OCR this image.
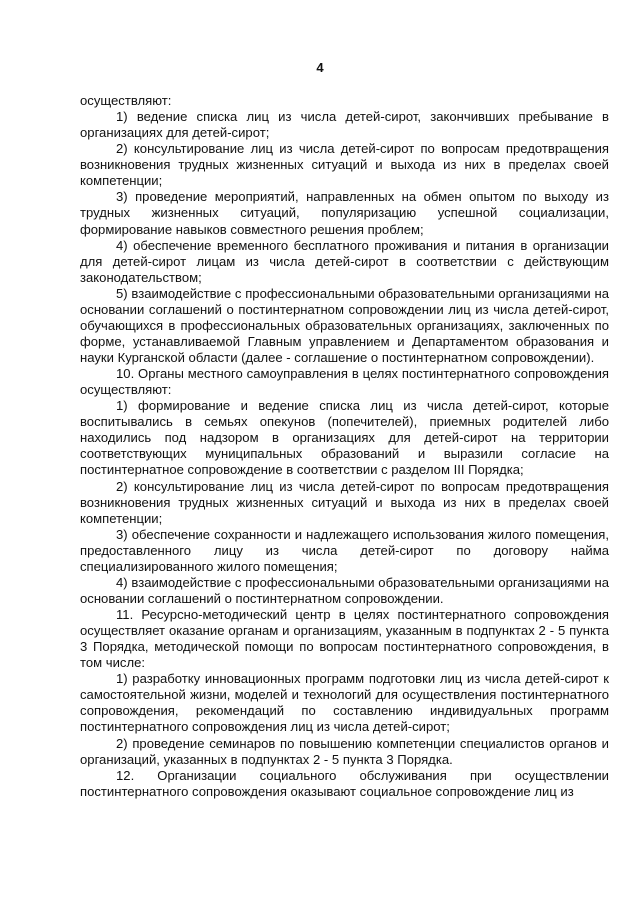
4

осуществляют:

1) ведение списка лиц из числа детей-сирот, закончивших пребывание в организациях для детей-сирот;

2) консультирование лиц из числа детей-сирот по вопросам предотвращения возникновения трудных жизненных ситуаций и выхода из них в пределах своей компетенции;

3) проведение мероприятий, направленных на обмен опытом по выходу из трудных жизненных ситуаций, популяризацию успешной социализации, формирование навыков совместного решения проблем;

4) обеспечение временного бесплатного проживания и питания в организации для детей-сирот лицам из числа детей-сирот в соответствии с действующим законодательством;

5) взаимодействие с профессиональными образовательными организациями на основании соглашений о постинтернатном сопровождении лиц из числа детей-сирот, обучающихся в профессиональных образовательных организациях, заключенных по форме, устанавливаемой Главным управлением и Департаментом образования и науки Курганской области (далее - соглашение о постинтернатном сопровождении).

10. Органы местного самоуправления в целях постинтернатного сопровождения осуществляют:

1) формирование и ведение списка лиц из числа детей-сирот, которые воспитывались в семьях опекунов (попечителей), приемных родителей либо находились под надзором в организациях для детей-сирот на территории соответствующих муниципальных образований и выразили согласие на постинтернатное сопровождение в соответствии с разделом III Порядка;

2) консультирование лиц из числа детей-сирот по вопросам предотвращения возникновения трудных жизненных ситуаций и выхода из них в пределах своей компетенции;

3) обеспечение сохранности и надлежащего использования жилого помещения, предоставленного лицу из числа детей-сирот по договору найма специализированного жилого помещения;

4) взаимодействие с профессиональными образовательными организациями на основании соглашений о постинтернатном сопровождении.

11. Ресурсно-методический центр в целях постинтернатного сопровождения осуществляет оказание органам и организациям, указанным в подпунктах 2 - 5 пункта 3 Порядка, методической помощи по вопросам постинтернатного сопровождения, в том числе:

1) разработку инновационных программ подготовки лиц из числа детей-сирот к самостоятельной жизни, моделей и технологий для осуществления постинтернатного сопровождения, рекомендаций по составлению индивидуальных программ постинтернатного сопровождения лиц из числа детей-сирот;

2) проведение семинаров по повышению компетенции специалистов органов и организаций, указанных в подпунктах 2 - 5 пункта 3 Порядка.

12. Организации социального обслуживания при осуществлении постинтернатного сопровождения оказывают социальное сопровождение лиц из
